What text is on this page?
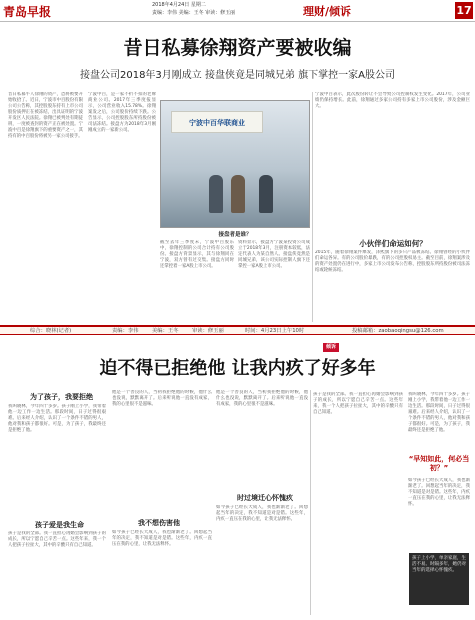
青岛早报	2018年4月24日 星期二
责编：李伟 美编：王冬 审读：修玉丽	理财/倾诉	17
昔日私募徐翔资产要被收编
接盘公司2018年3月刚成立 接盘侠竟是同城兄弟 旗下掌控一家A股公司
昔日私募牛人徐翔的资产，恐将被要开始收拾了。近日，宁波市中百股份有限公司公告称，其控股股东持有上市公司股份质押正在被冻结，出具证明的宁波开发区人民法院。徐翔已被判处有期徒刑，一度被查封的资产正在被处置。宁波中百是徐翔旗下的重要资产之一，其持有的中百股份将被另一家公司接手。
宁波中百，是一家不折不扣的老牌商业公司。2017年三季度报显示，公司营业收入15.78%。徐翔案发之后，公司股价持续下跌。公告显示，公司控股股东所持股份被司法冻结。接盘方为2018年3月刚刚成立的一家新公司。
宁波中百华联商业
接盘者是谁？
截至去年三季度末，宁波中百股东中，徐翔控制的公司合计持有公司股份。接盘方背景显示，其与徐翔同在宁波，双方曾有过交集。接盘方同时还掌控着一家A股上市公司。
资料显示，接盘方宁波某投资公司成立于2018年3月，注册资本较低，法定代表人为某自然人。接盘侠竟然是同城兄弟，该公司实际控制人旗下还掌控一家A股上市公司。
宁波中百表示，此次股份转让不会导致公司控制权发生变化。2017年，公司业绩仍保持增长。此前，徐翔通过多家公司持有多家上市公司股份，涉及金额巨大。
小伙伴们命运如何？
2015年，随着徐翔案件爆发，泽熙旗下的多只产品被冻结。徐翔曾经的小伙伴们命运各异。有的公司股价暴跌，有的公司控股权易主。截至目前，徐翔案涉及的资产处置仍在进行中，多家上市公司发布公告称，控股股东所持股份被司法冻结或轮候冻结。
综合：晓林(记者)	责编：李伟	美编：王冬	审读：修玉丽	时间：4月23日上午10时	投稿邮箱：zaobaoqingsu@126.com
倾诉
迫不得已拒绝他 让我内疚了好多年
为了孩子，我要拒绝
我叫晓林，今年四十多岁。孩子刚上小学，我带着他一边工作一边生活。那段时间，日子过得很艰难。后来经人介绍，认识了一个条件不错的男人，他对我和孩子都很好。可是，为了孩子，我最终还是拒绝了他。
孩子爱是我生命
孩子是我的全部。我一直担心再婚会影响到孩子的成长，所以宁愿自己辛苦一点。这些年来，我一个人把孩子拉扯大，其中的辛酸只有自己知道。
他是一个善良的人，当初我拒绝他的时候，他什么也没说，默默离开了。后来听说他一直没有成家，我的心里很不是滋味。
我不想伤害他
如今孩子已经长大成人，我也渐渐老了。回想起当年的决定，我不知道是对是错。这些年，内疚一直压在我的心里，让我无法释怀。
他是一个善良的人，当初我拒绝他的时候，他什么也没说，默默离开了。后来听说他一直没有成家，我的心里很不是滋味。
时过境迁心怀愧疚
如今孩子已经长大成人，我也渐渐老了。回想起当年的决定，我不知道是对是错。这些年，内疚一直压在我的心里，让我无法释怀。
孩子是我的全部。我一直担心再婚会影响到孩子的成长，所以宁愿自己辛苦一点。这些年来，我一个人把孩子拉扯大，其中的辛酸只有自己知道。
我叫晓林，今年四十多岁。孩子刚上小学，我带着他一边工作一边生活。那段时间，日子过得很艰难。后来经人介绍，认识了一个条件不错的男人，他对我和孩子都很好。可是，为了孩子，我最终还是拒绝了他。
“早知如此，何必当初？”
如今孩子已经长大成人，我也渐渐老了。回想起当年的决定，我不知道是对是错。这些年，内疚一直压在我的心里，让我无法释怀。
孩子上小学，单亲家庭，生活不易。时隔多年，她仍对当年的选择心怀愧疚。
